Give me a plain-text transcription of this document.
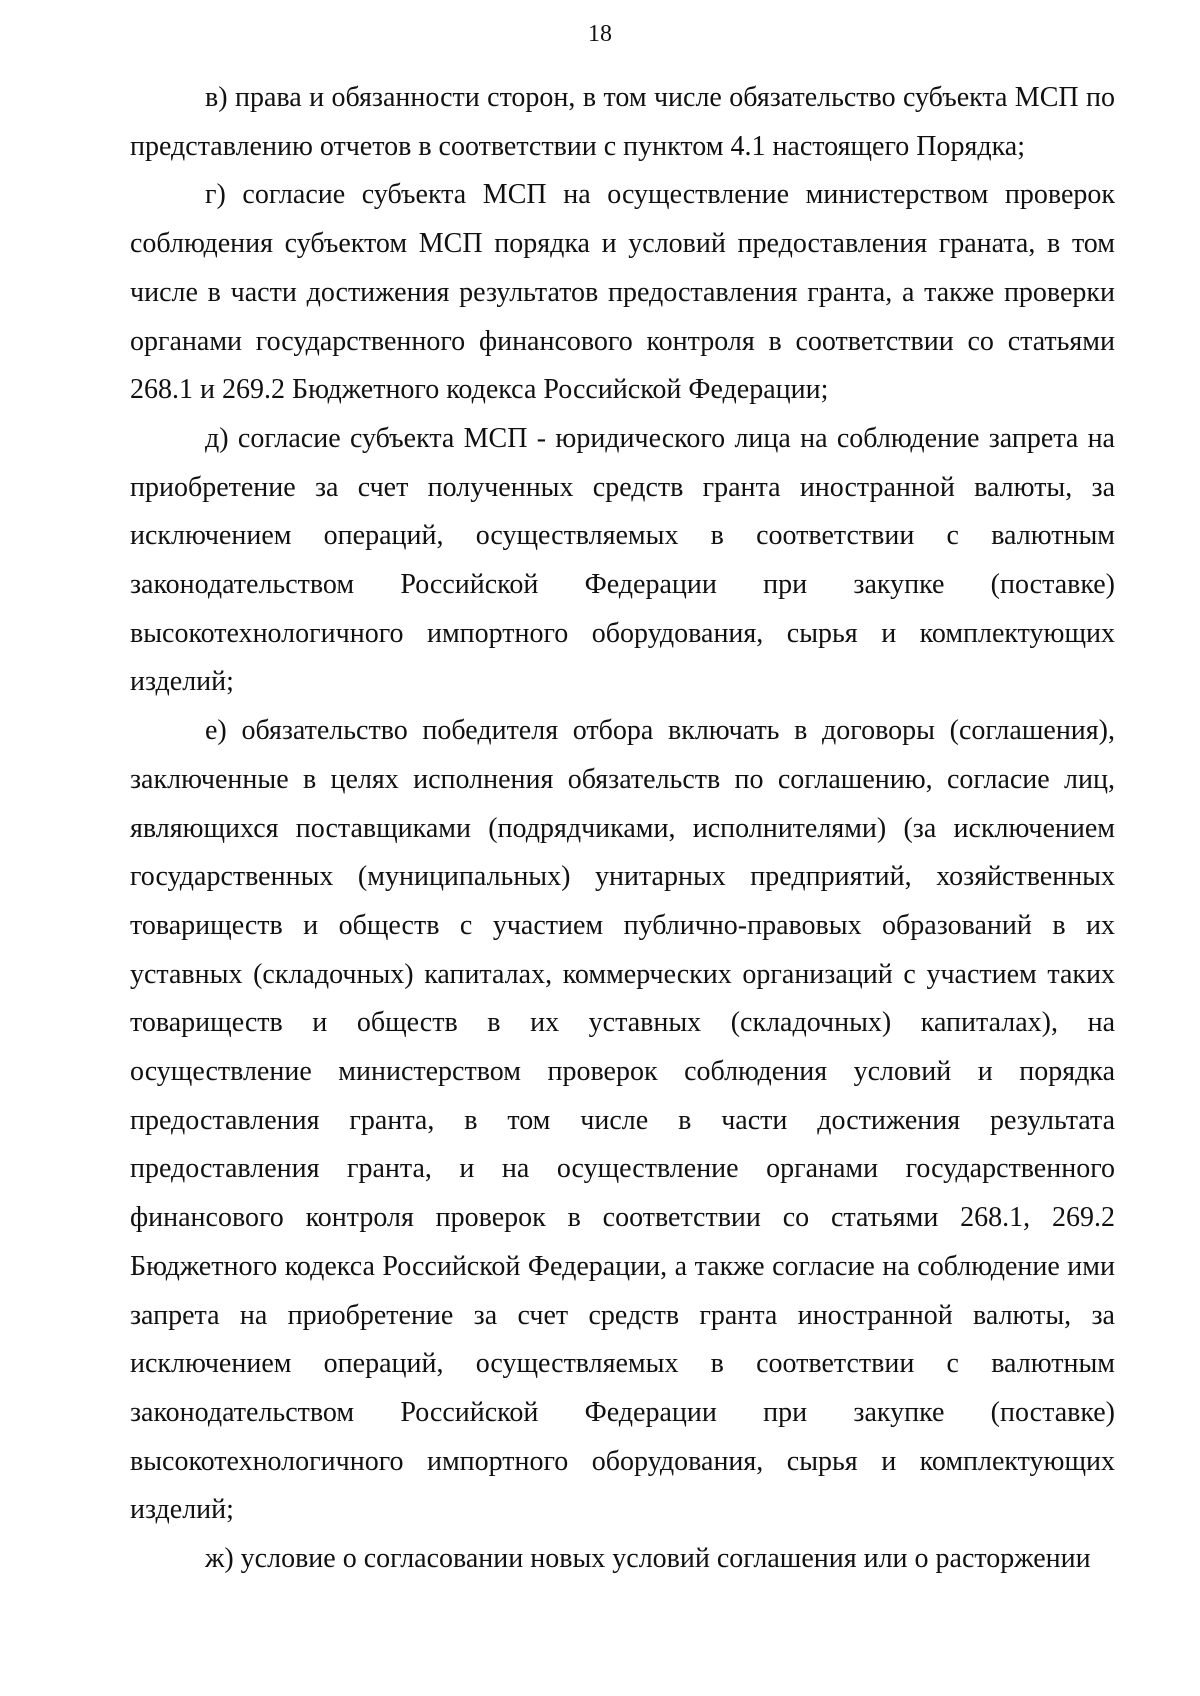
18

в) права и обязанности сторон, в том числе обязательство субъекта МСП по представлению отчетов в соответствии с пунктом 4.1 настоящего Порядка;

г) согласие субъекта МСП на осуществление министерством проверок соблюдения субъектом МСП порядка и условий предоставления граната, в том числе в части достижения результатов предоставления гранта, а также проверки органами государственного финансового контроля в соответствии со статьями 268.1 и 269.2 Бюджетного кодекса Российской Федерации;

д) согласие субъекта МСП - юридического лица на соблюдение запрета на приобретение за счет полученных средств гранта иностранной валюты, за исключением операций, осуществляемых в соответствии с валютным законодательством Российской Федерации при закупке (поставке) высокотехнологичного импортного оборудования, сырья и комплектующих изделий;

е) обязательство победителя отбора включать в договоры (соглашения), заключенные в целях исполнения обязательств по соглашению, согласие лиц, являющихся поставщиками (подрядчиками, исполнителями) (за исключением государственных (муниципальных) унитарных предприятий, хозяйственных товариществ и обществ с участием публично-правовых образований в их уставных (складочных) капиталах, коммерческих организаций с участием таких товариществ и обществ в их уставных (складочных) капиталах), на осуществление министерством проверок соблюдения условий и порядка предоставления гранта, в том числе в части достижения результата предоставления гранта, и на осуществление органами государственного финансового контроля проверок в соответствии со статьями 268.1, 269.2 Бюджетного кодекса Российской Федерации, а также согласие на соблюдение ими запрета на приобретение за счет средств гранта иностранной валюты, за исключением операций, осуществляемых в соответствии с валютным законодательством Российской Федерации при закупке (поставке) высокотехнологичного импортного оборудования, сырья и комплектующих изделий;

ж) условие о согласовании новых условий соглашения или о расторжении
